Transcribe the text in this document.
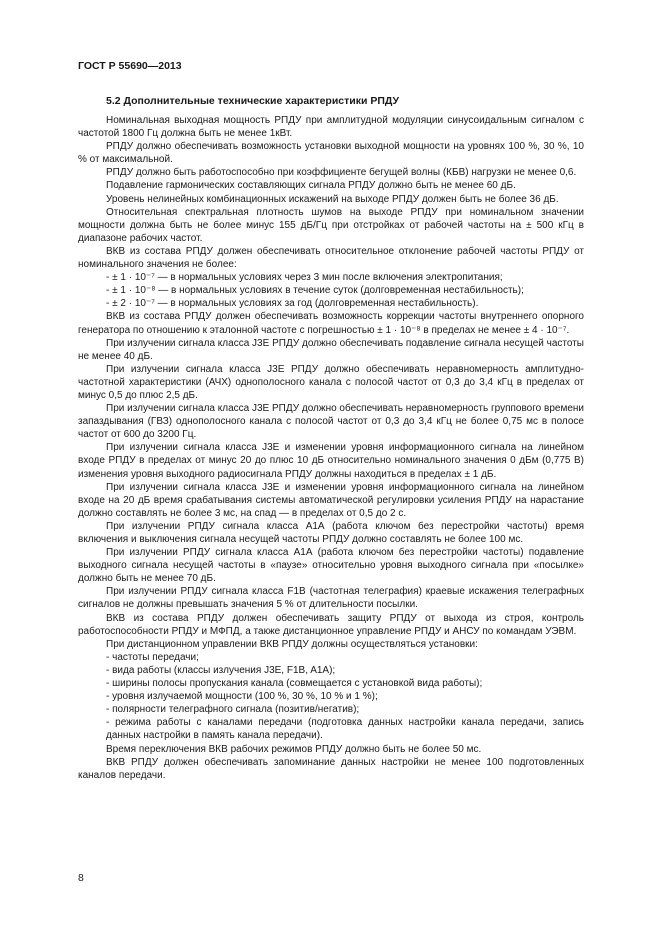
ГОСТ Р 55690—2013
5.2 Дополнительные технические характеристики РПДУ

Номинальная выходная мощность РПДУ при амплитудной модуляции синусоидальным сигналом с частотой 1800 Гц должна быть не менее 1кВт.

РПДУ должно обеспечивать возможность установки выходной мощности на уровнях 100 %, 30 %, 10 % от максимальной.

РПДУ должно быть работоспособно при коэффициенте бегущей волны (КБВ) нагрузки не менее 0,6.

Подавление гармонических составляющих сигнала РПДУ должно быть не менее 60 дБ.

Уровень нелинейных комбинационных искажений на выходе РПДУ должен быть не более 36 дБ.

Относительная спектральная плотность шумов на выходе РПДУ при номинальном значении мощности должна быть не более минус 155 дБ/Гц при отстройках от рабочей частоты на ± 500 кГц в диапазоне рабочих частот.

ВКВ из состава РПДУ должен обеспечивать относительное отклонение рабочей частоты РПДУ от номинального значения не более:

- ± 1 · 10⁻⁷ — в нормальных условиях через 3 мин после включения электропитания;

- ± 1 · 10⁻⁸ — в нормальных условиях в течение суток (долговременная нестабильность);

- ± 2 · 10⁻⁷ — в нормальных условиях за год (долговременная нестабильность).

ВКВ из состава РПДУ должен обеспечивать возможность коррекции частоты внутреннего опорного генератора по отношению к эталонной частоте с погрешностью ± 1 · 10⁻⁸ в пределах не менее ± 4 · 10⁻⁷.

При излучении сигнала класса J3E РПДУ должно обеспечивать подавление сигнала несущей частоты не менее 40 дБ.

При излучении сигнала класса J3E РПДУ должно обеспечивать неравномерность амплитудно-частотной характеристики (АЧХ) однополосного канала с полосой частот от 0,3 до 3,4 кГц в пределах от минус 0,5 до плюс 2,5 дБ.

При излучении сигнала класса J3E РПДУ должно обеспечивать неравномерность группового времени запаздывания (ГВЗ) однополосного канала с полосой частот от 0,3 до 3,4 кГц не более 0,75 мс в полосе частот от 600 до 3200 Гц.

При излучении сигнала класса J3E и изменении уровня информационного сигнала на линейном входе РПДУ в пределах от минус 20 до плюс 10 дБ относительно номинального значения 0 дБм (0,775 В) изменения уровня выходного радиосигнала РПДУ должны находиться в пределах ± 1 дБ.

При излучении сигнала класса J3E и изменении уровня информационного сигнала на линейном входе на 20 дБ время срабатывания системы автоматической регулировки усиления РПДУ на нарастание должно составлять не более 3 мс, на спад — в пределах от 0,5 до 2 с.

При излучении РПДУ сигнала класса А1А (работа ключом без перестройки частоты) время включения и выключения сигнала несущей частоты РПДУ должно составлять не более 100 мс.

При излучении РПДУ сигнала класса А1А (работа ключом без перестройки частоты) подавление выходного сигнала несущей частоты в «паузе» относительно уровня выходного сигнала при «посылке» должно быть не менее 70 дБ.

При излучении РПДУ сигнала класса F1B (частотная телеграфия) краевые искажения телеграфных сигналов не должны превышать значения 5 % от длительности посылки.

ВКВ из состава РПДУ должен обеспечивать защиту РПДУ от выхода из строя, контроль работоспособности РПДУ и МФПД, а также дистанционное управление РПДУ и АНСУ по командам УЭВМ.

При дистанционном управлении ВКВ РПДУ должны осуществляться установки:

- частоты передачи;

- вида работы (классы излучения J3E, F1B, A1A);

- ширины полосы пропускания канала (совмещается с установкой вида работы);

- уровня излучаемой мощности (100 %, 30 %, 10 % и 1 %);

- полярности телеграфного сигнала (позитив/негатив);

- режима работы с каналами передачи (подготовка данных настройки канала передачи, запись данных настройки в память канала передачи).

Время переключения ВКВ рабочих режимов РПДУ должно быть не более 50 мс.

ВКВ РПДУ должен обеспечивать запоминание данных настройки не менее 100 подготовленных каналов передачи.

8
